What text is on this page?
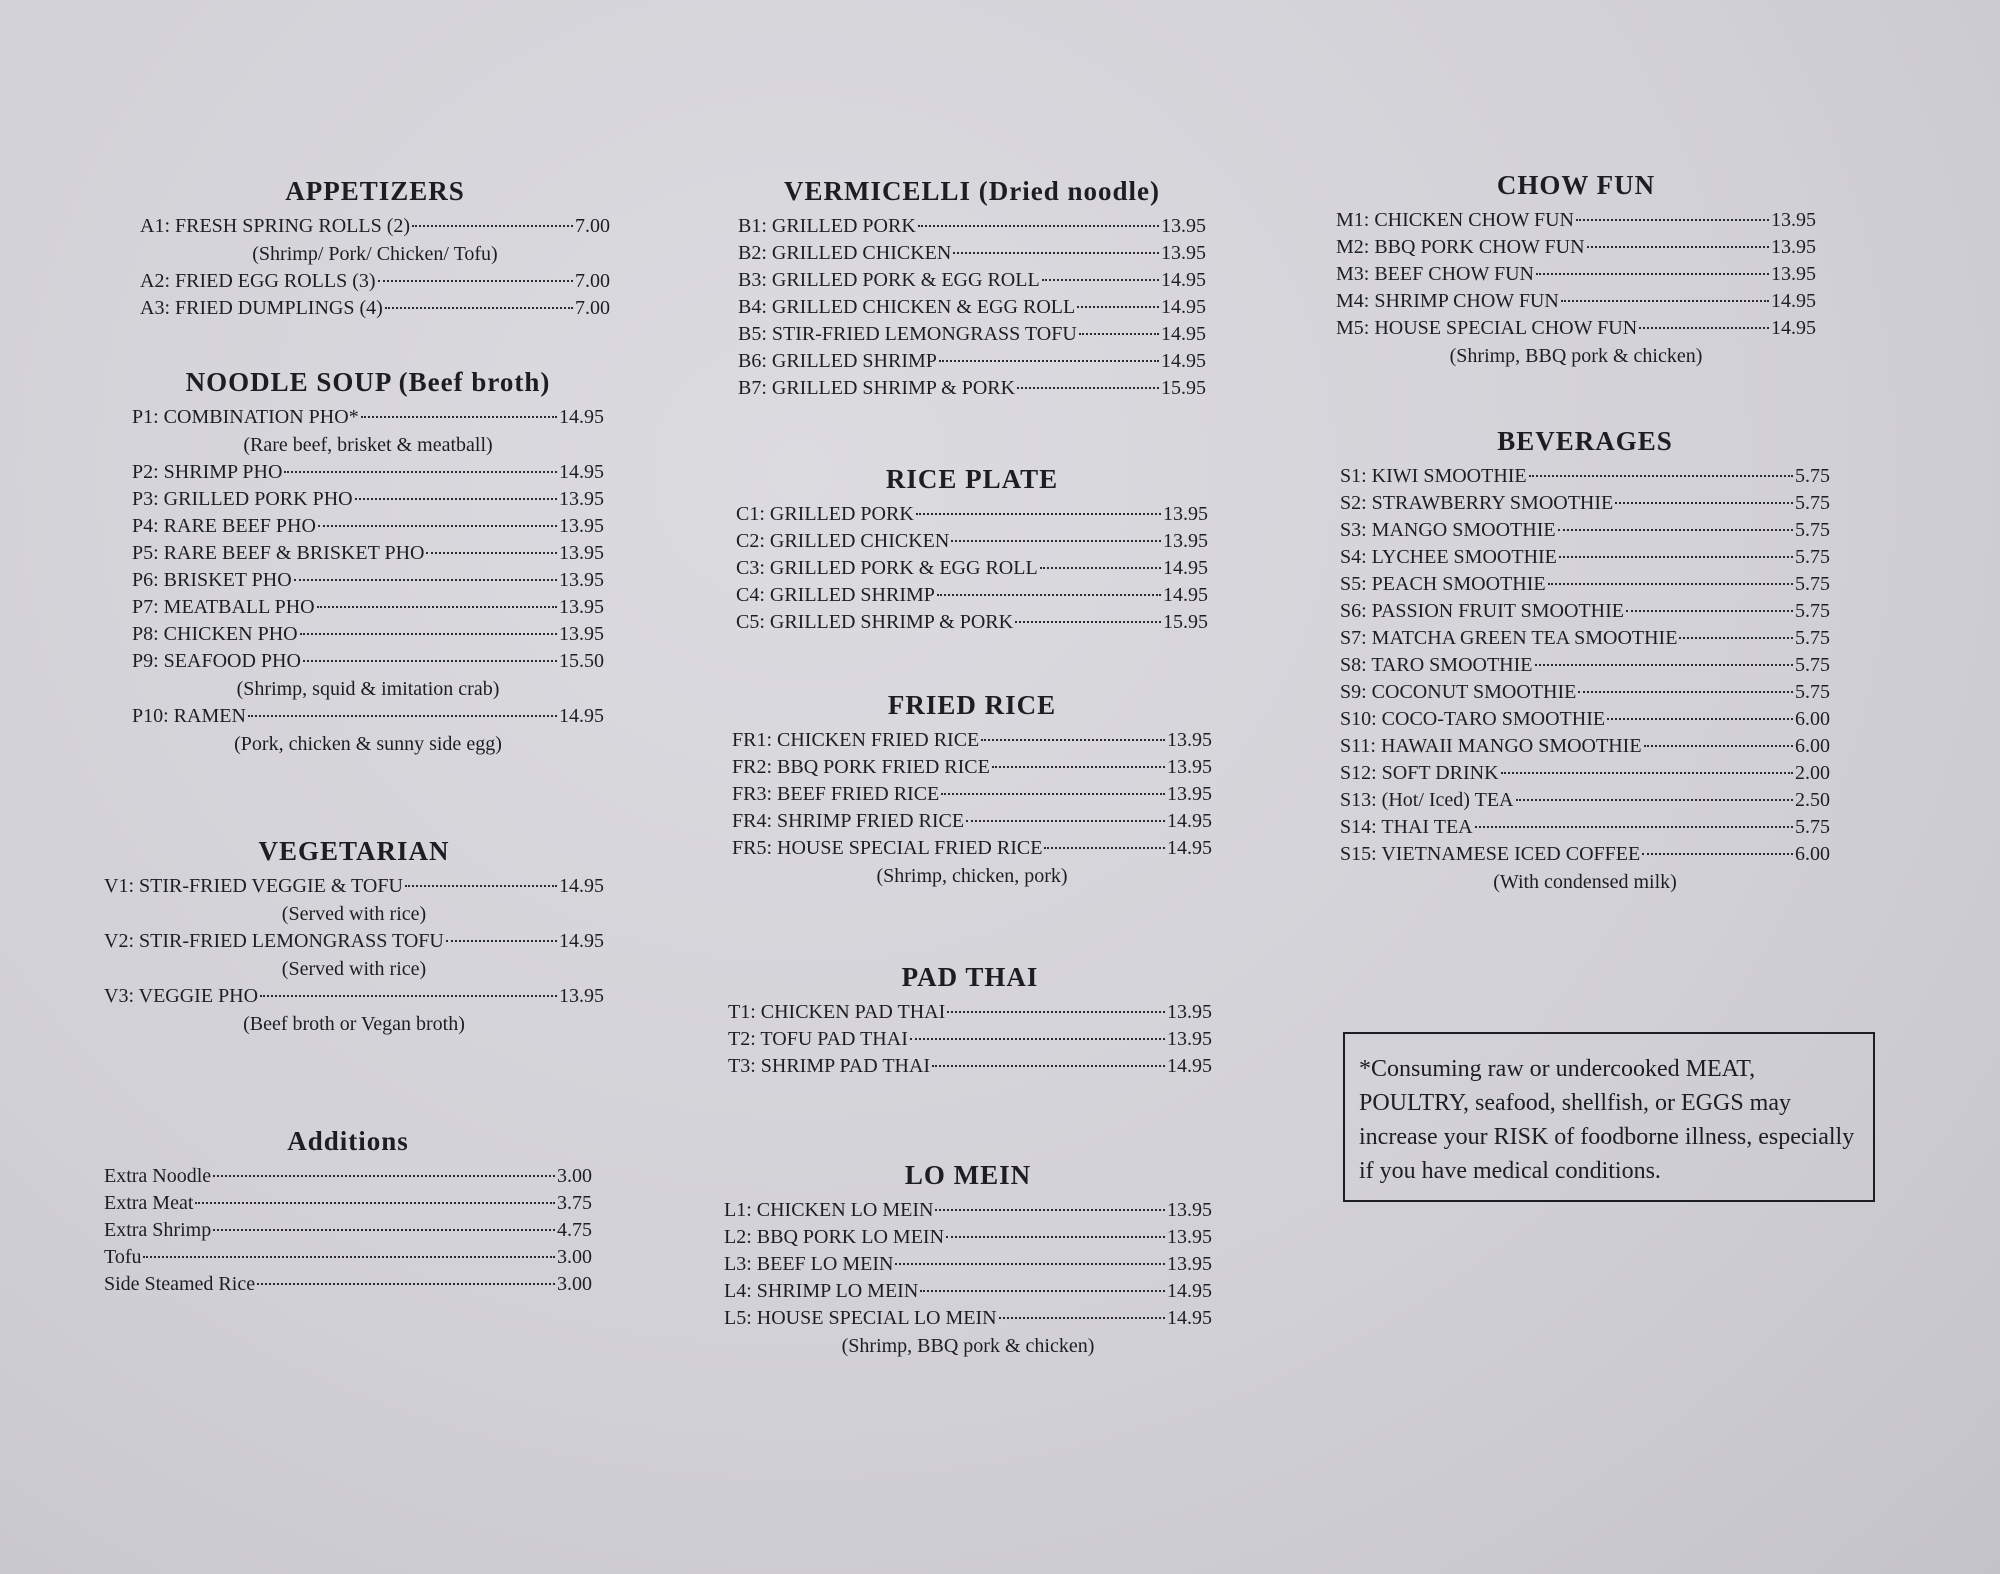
APPETIZERS
A1: FRESH SPRING ROLLS (2)	7.00
(Shrimp/ Pork/ Chicken/ Tofu)
A2: FRIED EGG ROLLS (3)	7.00
A3: FRIED DUMPLINGS (4)	7.00
NOODLE SOUP (Beef broth)
P1: COMBINATION PHO*	14.95
(Rare beef, brisket & meatball)
P2: SHRIMP PHO	14.95
P3: GRILLED PORK PHO	13.95
P4: RARE BEEF PHO	13.95
P5: RARE BEEF & BRISKET PHO	13.95
P6: BRISKET PHO	13.95
P7: MEATBALL PHO	13.95
P8: CHICKEN PHO	13.95
P9: SEAFOOD PHO	15.50
(Shrimp, squid & imitation crab)
P10: RAMEN	14.95
(Pork, chicken & sunny side egg)
VEGETARIAN
V1: STIR-FRIED VEGGIE & TOFU	14.95
(Served with rice)
V2: STIR-FRIED LEMONGRASS TOFU	14.95
(Served with rice)
V3: VEGGIE PHO	13.95
(Beef broth or Vegan broth)
Additions
Extra Noodle	3.00
Extra Meat	3.75
Extra Shrimp	4.75
Tofu	3.00
Side Steamed Rice	3.00
VERMICELLI (Dried noodle)
B1: GRILLED PORK	13.95
B2: GRILLED CHICKEN	13.95
B3: GRILLED PORK & EGG ROLL	14.95
B4: GRILLED CHICKEN & EGG ROLL	14.95
B5: STIR-FRIED LEMONGRASS TOFU	14.95
B6: GRILLED SHRIMP	14.95
B7: GRILLED SHRIMP & PORK	15.95
RICE PLATE
C1: GRILLED PORK	13.95
C2: GRILLED CHICKEN	13.95
C3: GRILLED PORK & EGG ROLL	14.95
C4: GRILLED SHRIMP	14.95
C5: GRILLED SHRIMP & PORK	15.95
FRIED RICE
FR1: CHICKEN FRIED RICE	13.95
FR2: BBQ PORK FRIED RICE	13.95
FR3: BEEF FRIED RICE	13.95
FR4: SHRIMP FRIED RICE	14.95
FR5: HOUSE SPECIAL FRIED RICE	14.95
(Shrimp, chicken, pork)
PAD THAI
T1: CHICKEN PAD THAI	13.95
T2: TOFU PAD THAI	13.95
T3: SHRIMP PAD THAI	14.95
LO MEIN
L1: CHICKEN LO MEIN	13.95
L2: BBQ PORK LO MEIN	13.95
L3: BEEF LO MEIN	13.95
L4: SHRIMP LO MEIN	14.95
L5: HOUSE SPECIAL LO MEIN	14.95
(Shrimp, BBQ pork & chicken)
CHOW FUN
M1: CHICKEN CHOW FUN	13.95
M2: BBQ PORK CHOW FUN	13.95
M3: BEEF CHOW FUN	13.95
M4: SHRIMP CHOW FUN	14.95
M5: HOUSE SPECIAL CHOW FUN	14.95
(Shrimp, BBQ pork & chicken)
BEVERAGES
S1: KIWI SMOOTHIE	5.75
S2: STRAWBERRY SMOOTHIE	5.75
S3: MANGO SMOOTHIE	5.75
S4: LYCHEE SMOOTHIE	5.75
S5: PEACH SMOOTHIE	5.75
S6: PASSION FRUIT SMOOTHIE	5.75
S7: MATCHA GREEN TEA SMOOTHIE	5.75
S8: TARO SMOOTHIE	5.75
S9: COCONUT SMOOTHIE	5.75
S10: COCO-TARO SMOOTHIE	6.00
S11: HAWAII MANGO SMOOTHIE	6.00
S12: SOFT DRINK	2.00
S13: (Hot/ Iced) TEA	2.50
S14: THAI TEA	5.75
S15: VIETNAMESE ICED COFFEE	6.00
(With condensed milk)
*Consuming raw or undercooked MEAT, POULTRY, seafood, shellfish, or EGGS may increase your RISK of foodborne illness, especially if you have medical conditions.
